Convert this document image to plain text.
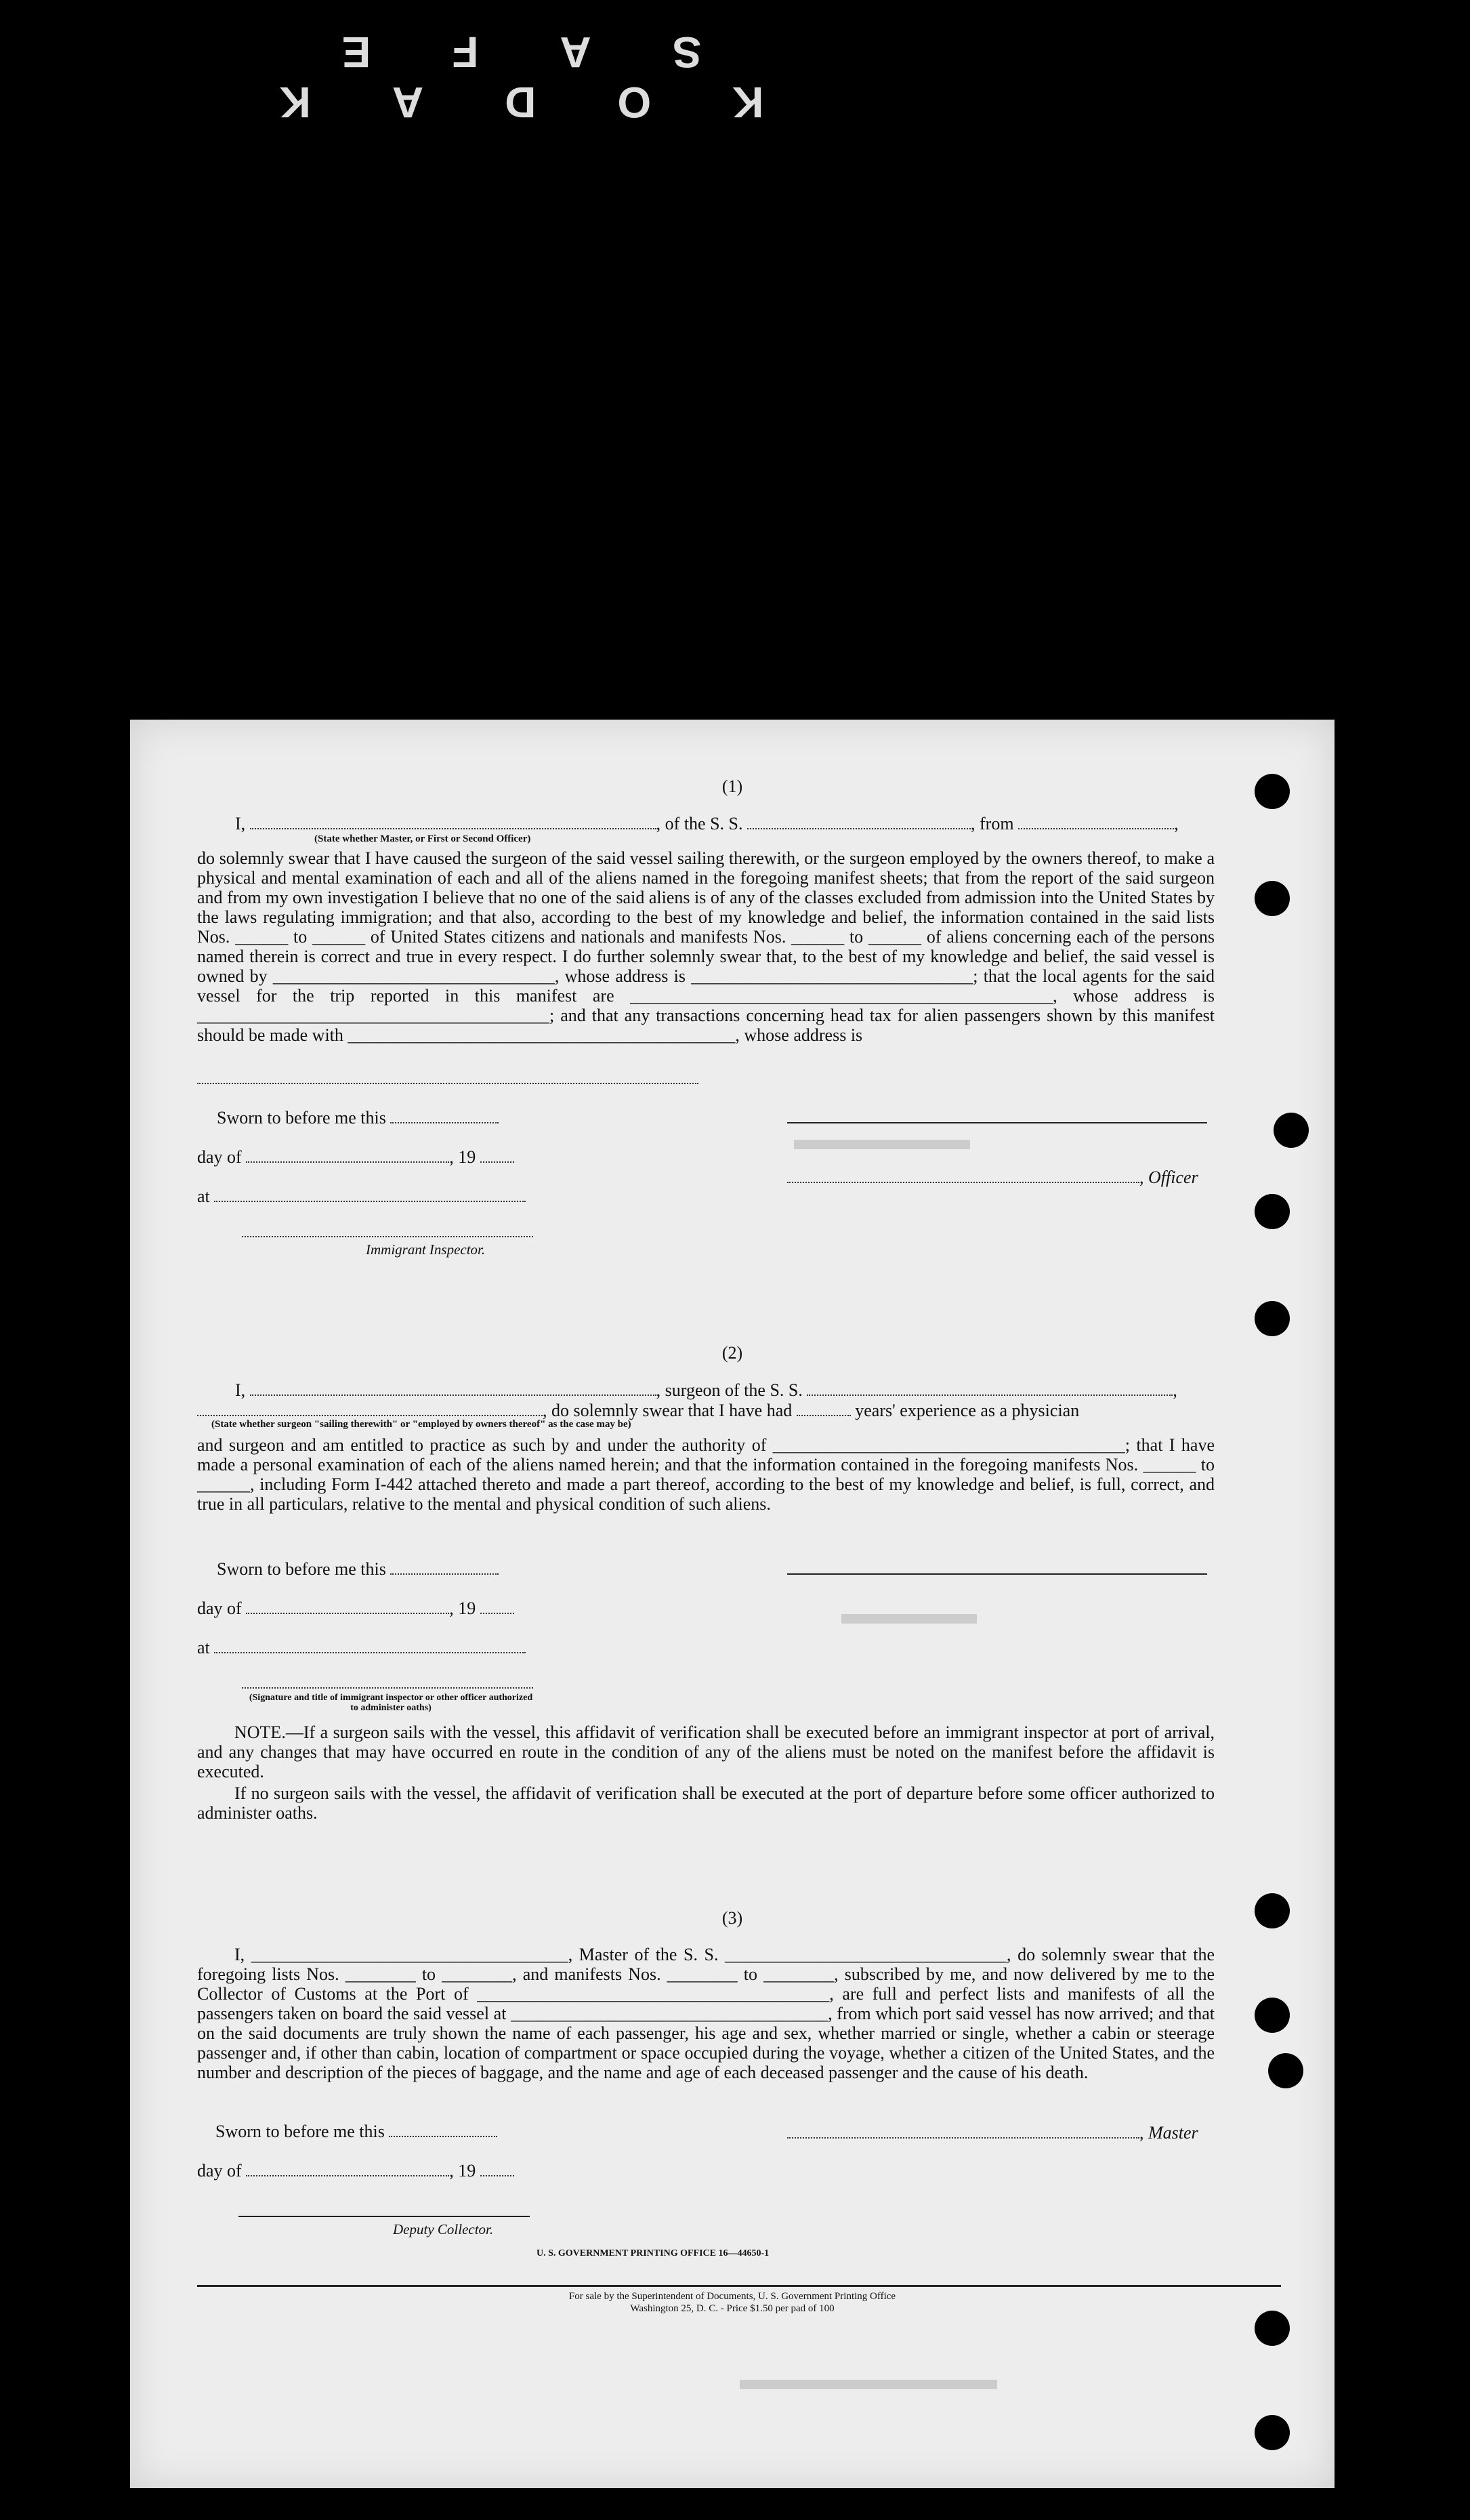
KODAK SAFE
(1)
I,	, of the S. S.	, from	,
(State whether Master, or First or Second Officer)
do solemnly swear that I have caused the surgeon of the said vessel sailing therewith, or the surgeon employed by the owners thereof, to make a physical and mental examination of each and all of the aliens named in the foregoing manifest sheets; that from the report of the said surgeon and from my own investigation I believe that no one of the said aliens is of any of the classes excluded from admission into the United States by the laws regulating immigration; and that also, according to the best of my knowledge and belief, the information contained in the said lists Nos. ______ to ______ of United States citizens and nationals and manifests Nos. ______ to ______ of aliens concerning each of the persons named therein is correct and true in every respect. I do further solemnly swear that, to the best of my knowledge and belief, the said vessel is owned by ________________________________, whose address is ________________________________; that the local agents for the said vessel for the trip reported in this manifest are ________________________________________________, whose address is ________________________________________; and that any transactions concerning head tax for alien passengers shown by this manifest should be made with ____________________________________________, whose address is
Sworn to before me this
day of	, 19
, Officer
at
Immigrant Inspector.
(2)
I,	, surgeon of the S. S.	,
, do solemnly swear that I have had	years' experience as a physician
(State whether surgeon "sailing therewith" or "employed by owners thereof" as the case may be)
and surgeon and am entitled to practice as such by and under the authority of ________________________________________; that I have made a personal examination of each of the aliens named herein; and that the information contained in the foregoing manifests Nos. ______ to ______, including Form I-442 attached thereto and made a part thereof, according to the best of my knowledge and belief, is full, correct, and true in all particulars, relative to the mental and physical condition of such aliens.
Sworn to before me this
day of	, 19
at
(Signature and title of immigrant inspector or other officer authorized to administer oaths)
NOTE.—If a surgeon sails with the vessel, this affidavit of verification shall be executed before an immigrant inspector at port of arrival, and any changes that may have occurred en route in the condition of any of the aliens must be noted on the manifest before the affidavit is executed.
If no surgeon sails with the vessel, the affidavit of verification shall be executed at the port of departure before some officer authorized to administer oaths.
(3)
I, ____________________________________, Master of the S. S. ________________________________, do solemnly swear that the foregoing lists Nos. ________ to ________, and manifests Nos. ________ to ________, subscribed by me, and now delivered by me to the Collector of Customs at the Port of ________________________________________, are full and perfect lists and manifests of all the passengers taken on board the said vessel at ____________________________________, from which port said vessel has now arrived; and that on the said documents are truly shown the name of each passenger, his age and sex, whether married or single, whether a cabin or steerage passenger and, if other than cabin, location of compartment or space occupied during the voyage, whether a citizen of the United States, and the number and description of the pieces of baggage, and the name and age of each deceased passenger and the cause of his death.
Sworn to before me this	, Master
day of	, 19
Deputy Collector.
U. S. GOVERNMENT PRINTING OFFICE 16—44650-1
For sale by the Superintendent of Documents, U. S. Government Printing Office
Washington 25, D. C. - Price $1.50 per pad of 100
